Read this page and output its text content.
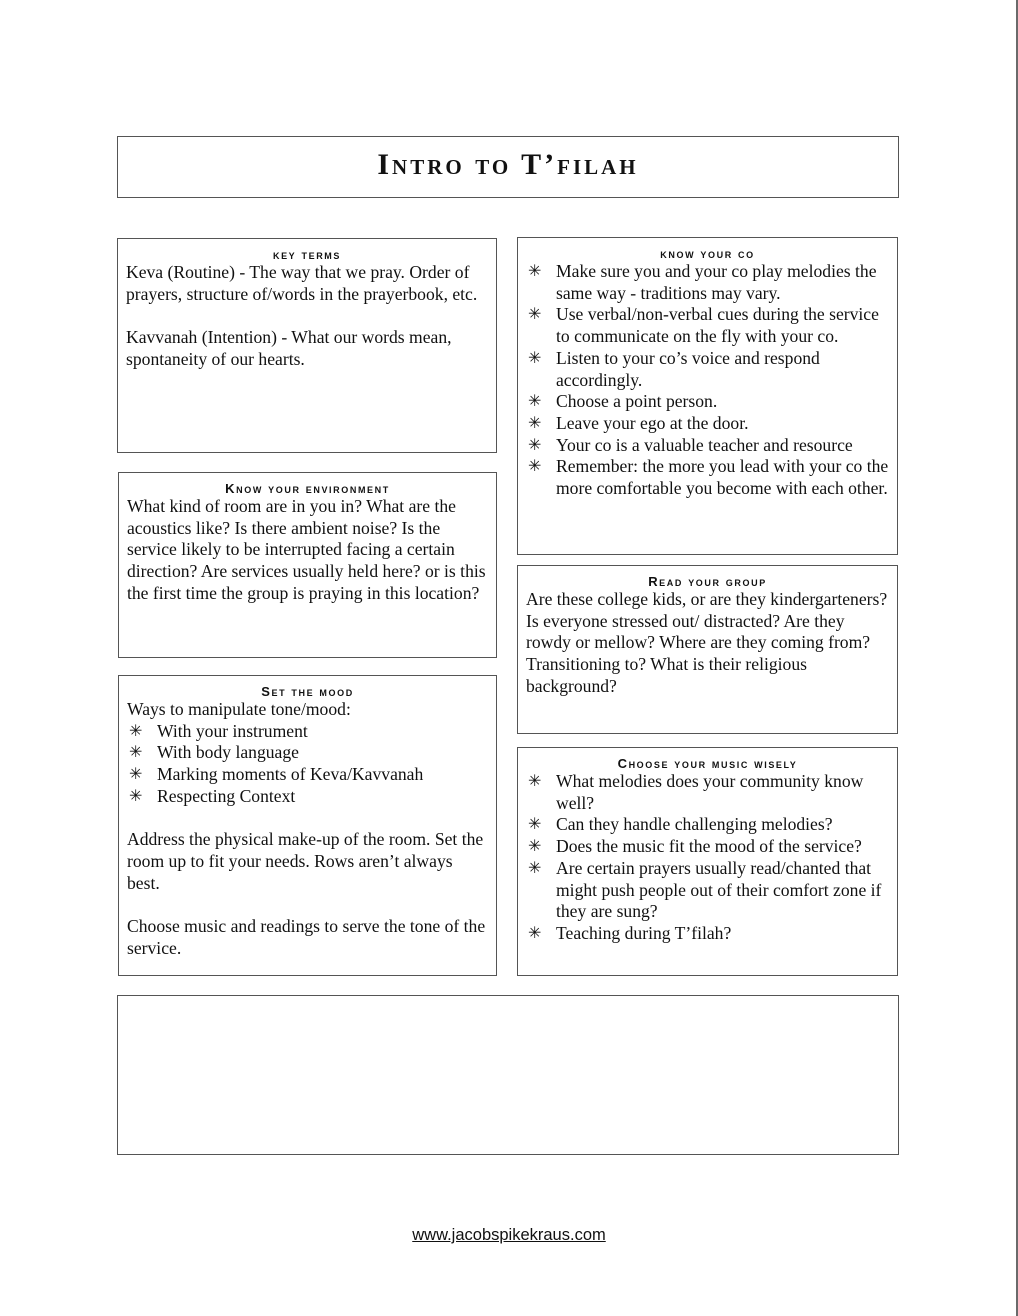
Intro to T’filah
key terms
Keva (Routine) - The way that we pray. Order of prayers, structure of/words in the prayerbook, etc.
Kavvanah (Intention) - What our words mean, spontaneity of our hearts.
Know your environment

What kind of room are in you in? What are the acoustics like? Is there ambient noise? Is the service likely to be interrupted facing a certain direction? Are services usually held here? or is this the first time the group is praying in this location?

Set the mood

Ways to manipulate tone/mood:

✳ With your instrument
✳ With body language
✳ Marking moments of Keva/Kavvanah
✳ Respecting Context

Address the physical make-up of the room. Set the room up to fit your needs. Rows aren’t always best.

Choose music and readings to serve the tone of the service.

know your co
✳ Make sure you and your co play melodies the same way - traditions may vary.
✳ Use verbal/non-verbal cues during the service to communicate on the fly with your co.
✳ Listen to your co’s voice and respond accordingly.
✳ Choose a point person.
✳ Leave your ego at the door.
✳ Your co is a valuable teacher and resource
✳ Remember: the more you lead with your co the more comfortable you become with each other.
Read your group

Are these college kids, or are they kindergarteners? Is everyone stressed out/ distracted? Are they rowdy or mellow? Where are they coming from? Transitioning to? What is their religious background?

Choose your music wisely
✳ What melodies does your community know well?
✳ Can they handle challenging melodies?
✳ Does the music fit the mood of the service?
✳ Are certain prayers usually read/chanted that might push people out of their comfort zone if they are sung?
✳ Teaching during T’filah?
www.jacobspikekraus.com
